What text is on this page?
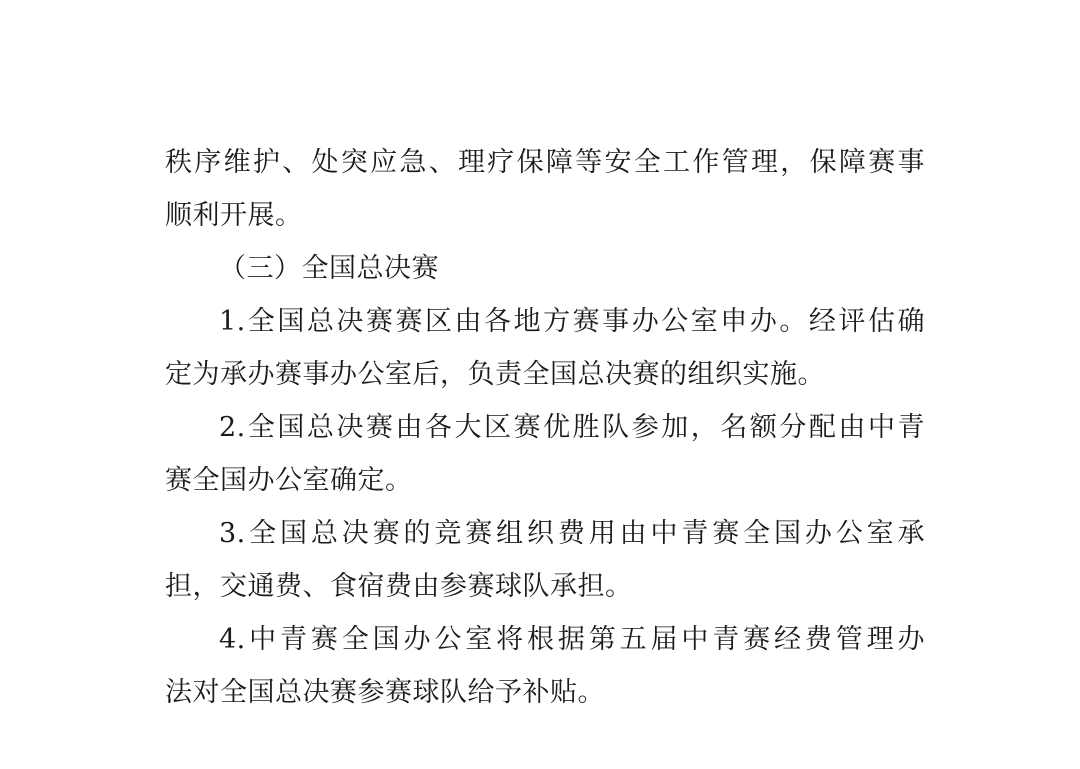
秩序维护、处突应急、理疗保障等安全工作管理，保障赛事
顺利开展。
（三）全国总决赛
1.全国总决赛赛区由各地方赛事办公室申办。经评估确
定为承办赛事办公室后，负责全国总决赛的组织实施。
2.全国总决赛由各大区赛优胜队参加，名额分配由中青
赛全国办公室确定。
3.全国总决赛的竞赛组织费用由中青赛全国办公室承
担，交通费、食宿费由参赛球队承担。
4.中青赛全国办公室将根据第五届中青赛经费管理办
法对全国总决赛参赛球队给予补贴。
